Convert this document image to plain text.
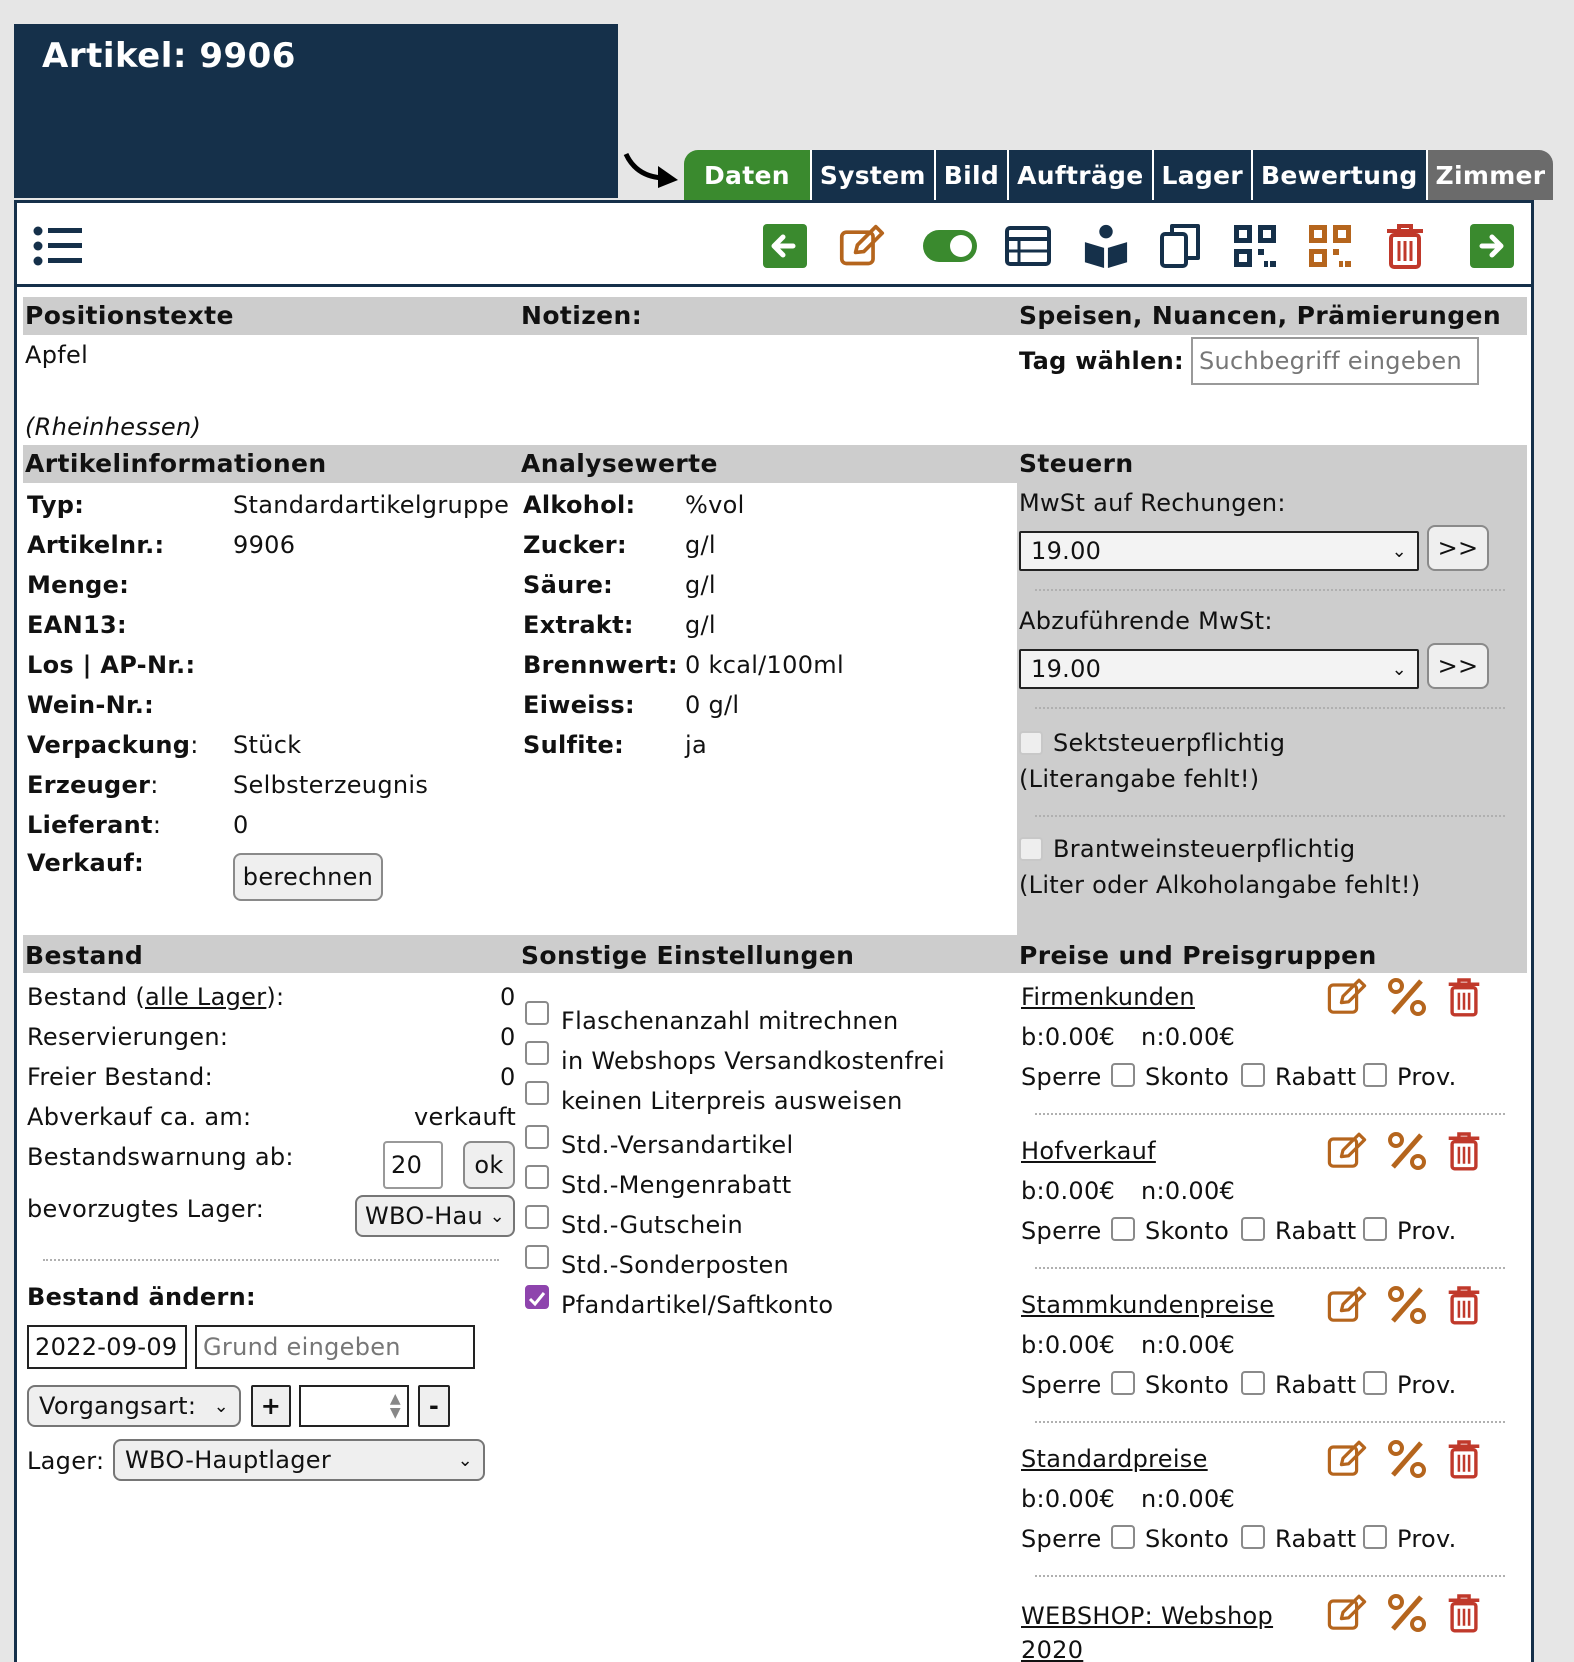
Artikel: 9906
Daten	System Bild Aufträge Lager Bewertung Zimmer
Positionstexte	Notizen:	Speisen, Nuancen, Prämierungen
Apfel
(Rheinhessen)
Tag wählen: Suchbegriff eingeben
Artikelinformationen	Analysewerte	Steuern
Typ:	Standardartikelgruppe
Artikelnr.:	9906
Menge:
EAN13:
Los | AP-Nr.:
Wein-Nr.:
Verpackung: Stück
Erzeuger:	Selbsterzeugnis
Lieferant:	0
Verkauf:	berechnen
Alkohol: %vol
Zucker: g/l
Säure:	g/l
Extrakt: g/l
Brennwert: 0 kcal/100ml
Eiweiss: 0 g/l
Sulfite:	ja
MwSt auf Rechungen:
19.00	⌄	>>
Abzuführende MwSt:
19.00	⌄	>>
Sektsteuerpflichtig
(Literangabe fehlt!)
Brantweinsteuerpflichtig
(Liter oder Alkoholangabe fehlt!)
Bestand	Sonstige Einstellungen	Preise und Preisgruppen
Bestand (alle Lager):	0
Reservierungen:	0
Freier Bestand:	0
Abverkauf ca. am:	verkauft
Bestandswarnung ab:	20	ok
bevorzugtes Lager:	WBO-Hau ⌄
Bestand ändern:
2022-09-09 Grund eingeben
Vorgangsart: ⌄	+	▲
▼	-
Lager: WBO-Hauptlager	⌄
Flaschenanzahl mitrechnen
in Webshops Versandkostenfrei
keinen Literpreis ausweisen
Std.-Versandartikel
Std.-Mengenrabatt
Std.-Gutschein
Std.-Sonderposten
Pfandartikel/Saftkonto
Firmenkunden
b:0.00€ n:0.00€
Sperre Skonto Rabatt Prov.
Hofverkauf
b:0.00€ n:0.00€
Sperre Skonto Rabatt Prov.
Stammkundenpreise
b:0.00€ n:0.00€
Sperre Skonto Rabatt Prov.
Standardpreise
b:0.00€ n:0.00€
Sperre Skonto Rabatt Prov.
WEBSHOP: Webshop 2020
